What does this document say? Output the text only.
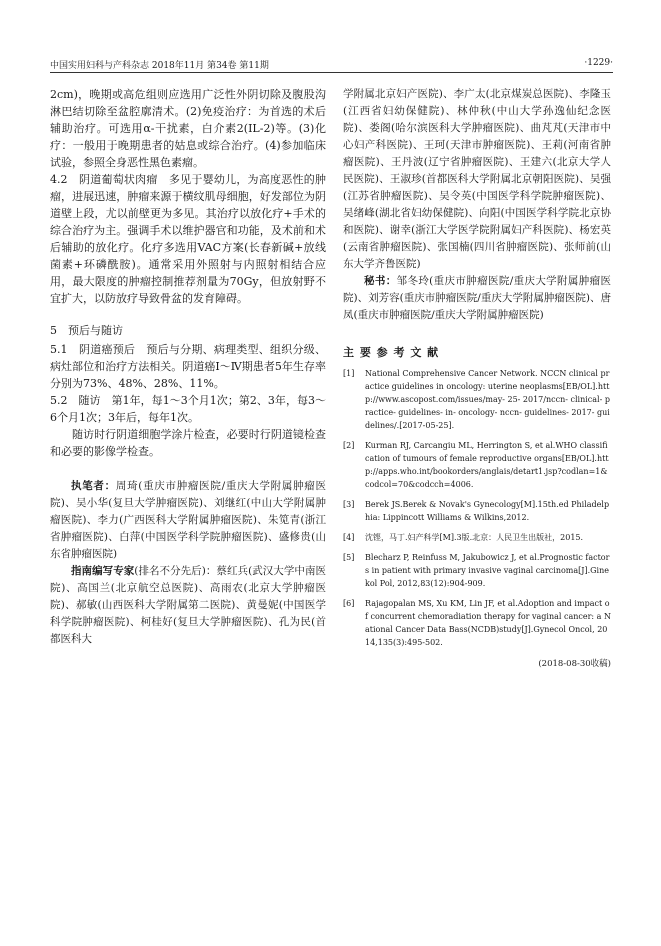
中国实用妇科与产科杂志 2018年11月 第34卷 第11期	·1229·

2cm)，晚期或高危组则应选用广泛性外阴切除及腹股沟淋巴结切除至盆腔廓清术。(2)免疫治疗：为首选的术后辅助治疗。可选用α-干扰素，白介素2(IL-2)等。(3)化疗：一般用于晚期患者的姑息或综合治疗。(4)参加临床试验，参照全身恶性黑色素瘤。

4.2　阴道葡萄状肉瘤　多见于婴幼儿，为高度恶性的肿瘤，进展迅速，肿瘤来源于横纹肌母细胞，好发部位为阴道壁上段，尤以前壁更为多见。其治疗以放化疗+手术的综合治疗为主。强调手术以维护器官和功能，及术前和术后辅助的放化疗。化疗多选用VAC方案(长春新碱+放线菌素+环磷酰胺)。通常采用外照射与内照射相结合应用，最大限度的肿瘤控制推荐剂量为70Gy，但放射野不宜扩大，以防放疗导致骨盆的发育障碍。

5　预后与随访

5.1　阴道癌预后　预后与分期、病理类型、组织分级、病灶部位和治疗方法相关。阴道癌Ⅰ～Ⅳ期患者5年生存率分别为73%、48%、28%、11%。

5.2　随访　第1年，每1～3个月1次；第2、3年，每3～6个月1次；3年后，每年1次。

随访时行阴道细胞学涂片检查，必要时行阴道镜检查和必要的影像学检查。

执笔者：周琦(重庆市肿瘤医院/重庆大学附属肿瘤医院)、吴小华(复旦大学肿瘤医院)、刘继红(中山大学附属肿瘤医院)、李力(广西医科大学附属肿瘤医院)、朱笕青(浙江省肿瘤医院)、白萍(中国医学科学院肿瘤医院)、盛修贵(山东省肿瘤医院)

指南编写专家(排名不分先后)：蔡红兵(武汉大学中南医院)、高国兰(北京航空总医院)、高雨农(北京大学肿瘤医院)、郝敏(山西医科大学附属第二医院)、黄曼妮(中国医学科学院肿瘤医院)、柯桂好(复旦大学肿瘤医院)、孔为民(首都医科大

学附属北京妇产医院)、李广太(北京煤炭总医院)、李隆玉(江西省妇幼保健院)、林仲秋(中山大学孙逸仙纪念医院)、娄阁(哈尔滨医科大学肿瘤医院)、曲芃芃(天津市中心妇产科医院)、王珂(天津市肿瘤医院)、王莉(河南省肿瘤医院)、王丹波(辽宁省肿瘤医院)、王建六(北京大学人民医院)、王淑珍(首都医科大学附属北京朝阳医院)、吴强(江苏省肿瘤医院)、吴令英(中国医学科学院肿瘤医院)、吴绪峰(湖北省妇幼保健院)、向阳(中国医学科学院北京协和医院)、谢幸(浙江大学医学院附属妇产科医院)、杨宏英(云南省肿瘤医院)、张国楠(四川省肿瘤医院)、张师前(山东大学齐鲁医院)

秘书：邹冬玲(重庆市肿瘤医院/重庆大学附属肿瘤医院)、刘芳容(重庆市肿瘤医院/重庆大学附属肿瘤医院)、唐凤(重庆市肿瘤医院/重庆大学附属肿瘤医院)

主 要 参 考 文 献

[1]	National Comprehensive Cancer Network. NCCN clinical practice guidelines in oncology: uterine neoplasms[EB/OL].http://www.ascopost.com/issues/may- 25- 2017/nccn- clinical- practice- guidelines- in- oncology- nccn- guidelines- 2017- guidelines/.[2017-05-25].
[2]	Kurman RJ, Carcangiu ML, Herrington S, et al.WHO classification of tumours of female reproductive organs[EB/OL].http://apps.who.int/bookorders/anglais/detart1.jsp?codlan=1&codcol=70&codcch=4006.
[3]	Berek JS.Berek & Novak's Gynecology[M].15th.ed Philadelphia: Lippincott Williams & Wilkins,2012.
[4]	沈铿，马丁.妇产科学[M].3版.北京：人民卫生出版社，2015.
[5]	Blecharz P, Reinfuss M, Jakubowicz J, et al.Prognostic factors in patient with primary invasive vaginal carcinoma[J].Ginekol Pol, 2012,83(12):904-909.
[6]	Rajagopalan MS, Xu KM, Lin JF, et al.Adoption and impact of concurrent chemoradiation therapy for vaginal cancer: a National Cancer Data Bass(NCDB)study[J].Gynecol Oncol, 2014,135(3):495-502.

(2018-08-30收稿)
